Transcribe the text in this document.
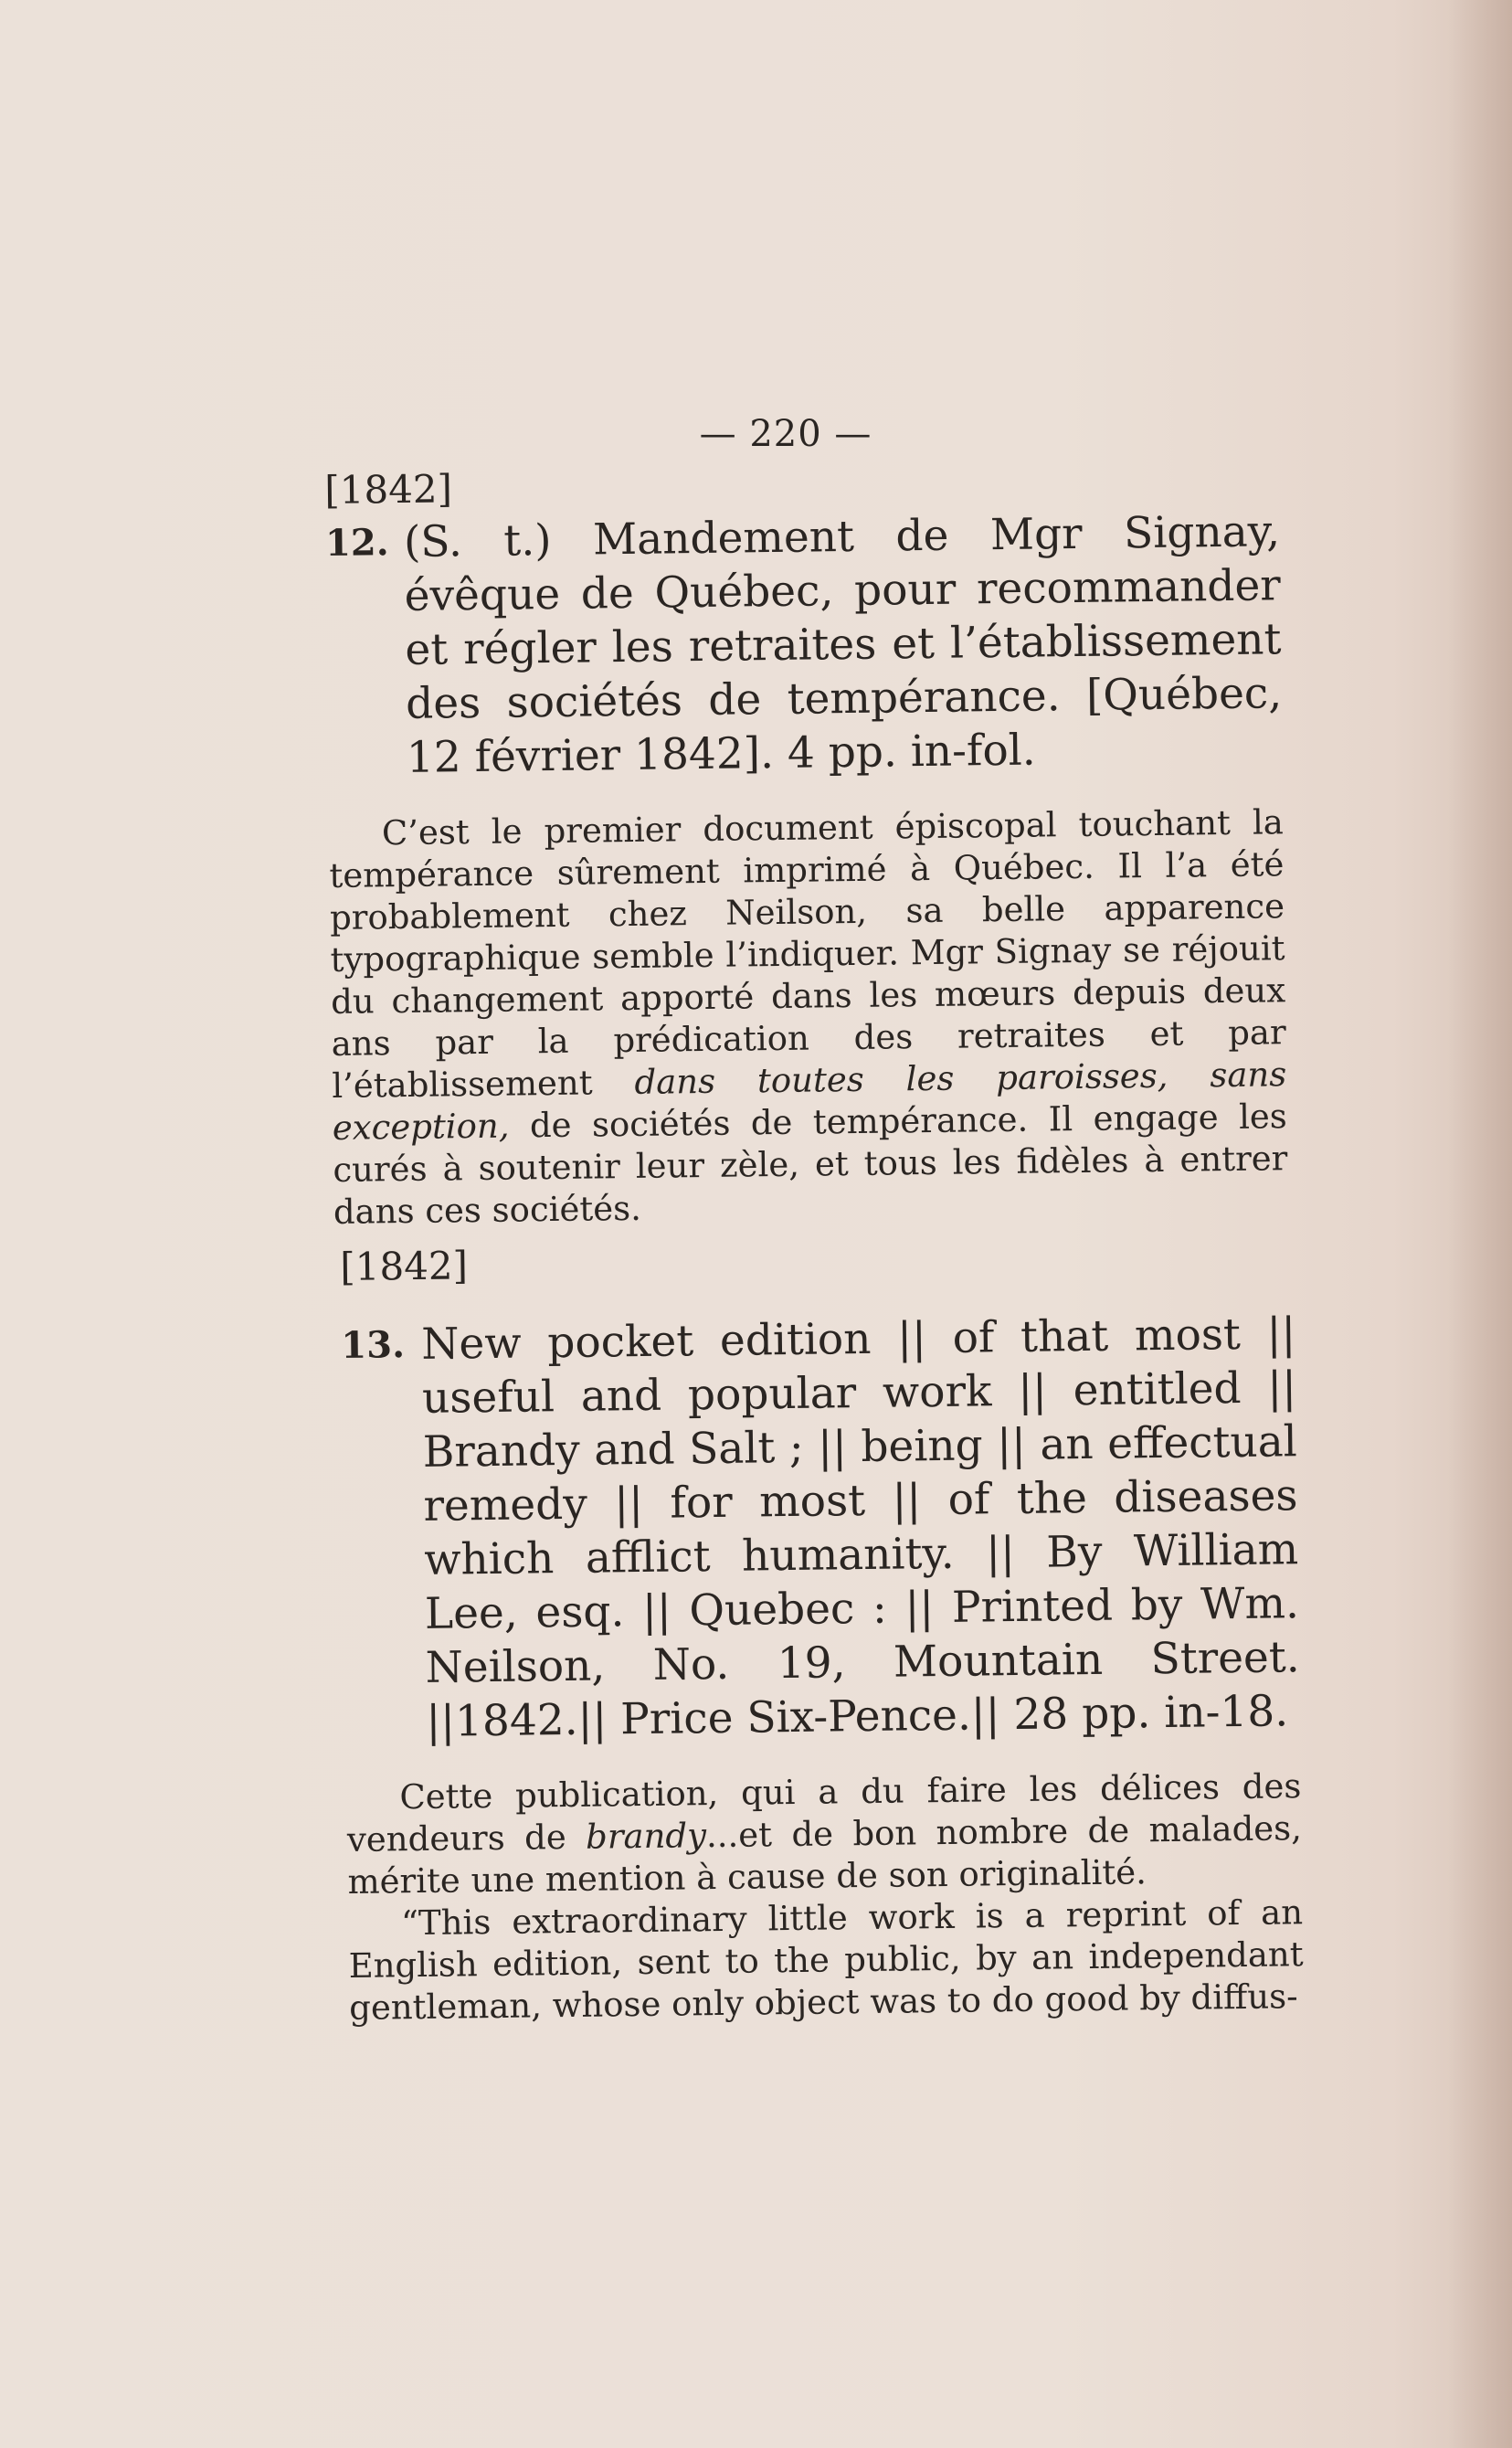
— 220 —
[1842]
12. (S. t.) Mandement de Mgr Signay, évêque de Québec, pour recommander et régler les retraites et l’établissement des sociétés de tempérance. [Québec, 12 février 1842]. 4 pp. in-fol.

C’est le premier document épiscopal touchant la tempérance sûrement imprimé à Québec. Il l’a été probablement chez Neilson, sa belle apparence typographique semble l’indiquer. Mgr Signay se réjouit du changement apporté dans les mœurs depuis deux ans par la prédication des retraites et par l’établissement dans toutes les paroisses, sans exception, de sociétés de tempérance. Il engage les curés à soutenir leur zèle, et tous les fidèles à entrer dans ces sociétés.

[1842]
13. New pocket edition || of that most || useful and popular work || entitled || Brandy and Salt ; || being || an effectual remedy || for most || of the diseases which afflict humanity. || By William Lee, esq. || Quebec : || Printed by Wm. Neilson, No. 19, Mountain Street. ||1842.|| Price Six-Pence.|| 28 pp. in-18.

Cette publication, qui a du faire les délices des vendeurs de brandy...et de bon nombre de malades, mérite une mention à cause de son originalité.

“This extraordinary little work is a reprint of an English edition, sent to the public, by an independant gentleman, whose only object was to do good by diffus-
